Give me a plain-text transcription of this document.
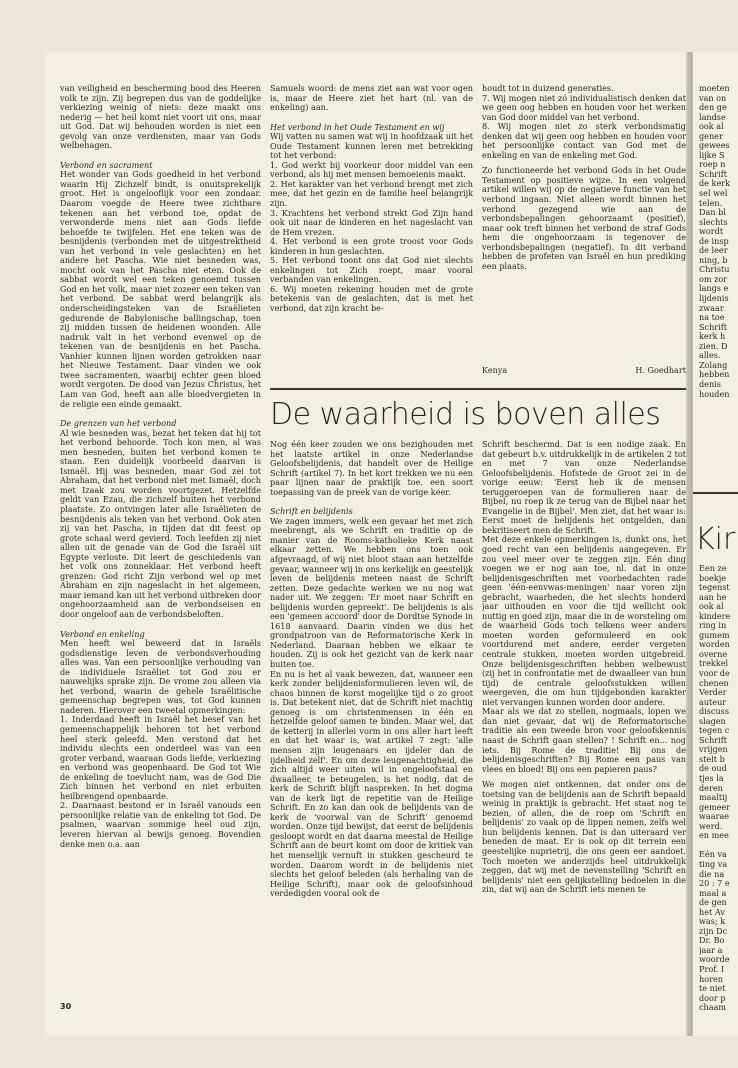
van veiligheid en bescherming bood des Heeren volk te zijn. Zij begrepen dus van de goddelijke verkiezing weinig of niets: deze maakt ons nederig — het heil komt niet voort uit ons, maar uit God. Dat wij behouden worden is niet een gevolg van onze verdiensten, maar van Gods welbehagen.

Verbond en sacrament

Het wonder van Gods goedheid in het verbond waarin Hij Zichzelf bindt, is onuitsprekelijk groot. Het is ongelooflijk voor een zondaar. Daarom voegde de Heere twee zichtbare tekenen aan het verbond toe, opdat de verwonderde mens niet aan Gods liefde behoefde te twijfelen. Het ene teken was de besnijdenis (verbonden met de uitgestrektheid van het verbond in vele geslachten) en het andere het Pascha. Wie niet besneden was, mocht ook van het Pascha niet eten. Ook de sabbat wordt wel een teken genoemd tussen God en het volk, maar niet zozeer een teken van het verbond. De sabbat werd belangrijk als onderscheidingsteken van de Israëlieten gedurende de Babylonische ballingschap, toen zij midden tussen de heidenen woonden. Alle nadruk valt in het verbond evenwel op de tekenen van de besnijdenis en het Pascha. Vanhier kunnen lijnen worden getrokken naar het Nieuwe Testament. Daar vinden we ook twee sacramenten, waarbij echter geen bloed wordt vergoten. De dood van Jezus Christus, het Lam van God, heeft aan alle bloedvergieten in de religie een einde gemaakt.

De grenzen van het verbond

Al wie besneden was, bezat het teken dat hij tot het verbond behoorde. Toch kon men, al was men besneden, buiten het verbond komen te staan. Een duidelijk voorbeeld daarvan is Ismaël. Hij was besneden, maar God zei tot Abraham, dat het verbond niet met Ismaël, doch met Izaak zou worden voortgezet. Hetzelfde geldt van Ezau, die zichzelf buiten het verbond plaatste. Zo ontvingen later alle Israëlieten de besnijdenis als teken van het verbond. Ook aten zij van het Pascha, in tijden dat dit feest op grote schaal werd gevierd. Toch leefden zij niet allen uit de genade van de God die Israël uit Egypte verloste. Dit leert de geschiedenis van het volk ons zonneklaar. Het verbond heeft grenzen: God richt Zijn verbond wel op met Abraham en zijn nageslacht in het algemeen, maar iemand kan uit het verbond uitbreken door ongehoorzaamheid aan de verbondseisen en door ongeloof aan de verbondsbeloften.

Verbond en enkeling

Men heeft wel beweerd dat in Israëls godsdienstige leven de verbondsverhouding alles was. Van een persoonlijke verhouding van de individuele Israëliet tot God zou er nauwelijks sprake zijn. De vrome zou alleen via het verbond, waarin de gehele Israëlitische gemeenschap begrepen was, tot God kunnen naderen. Hierover een tweetal opmerkingen:

1. Inderdaad heeft in Israël het besef van het gemeenschappelijk behoren tot het verbond heel sterk geleefd. Men verstond dat het individu slechts een onderdeel was van een groter verband, waaraan Gods liefde, verkiezing en verbond was geopenbaard. De God tot Wie de enkeling de toevlucht nam, was de God Die Zich binnen het verbond en niet erbuiten heilbrengend openbaarde.

2. Daarnaast bestond er in Israël vanouds een persoonlijke relatie van de enkeling tot God. De psalmen, waarvan sommige heel oud zijn, leveren hiervan al bewijs genoeg. Bovendien denke men o.a. aan

Samuels woord: de mens ziet aan wat voor ogen is, maar de Heere ziet het hart (nl. van de enkeling) aan.

Het verbond in het Oude Testament en wij

Wij vatten nu samen wat wij in hoofdzaak uit het Oude Testament kunnen leren met betrekking tot het verbond:

1. God werkt bij voorkeur door middel van een verbond, als hij met mensen bemoeienis maakt.

2. Het karakter van het verbond brengt met zich mee, dat het gezin en de familie heel belangrijk zijn.

3. Krachtens het verbond strekt God Zijn hand ook uit naar de kinderen en het nageslacht van de Hem vrezen.

4. Het verbond is een grote troost voor Gods kinderen in hun geslachten.

5. Het verbond toont ons dat God niet slechts enkelingen tot Zich roept, maar vooral verbanden van enkelingen.

6. Wij moeten rekening houden met de grote betekenis van de geslachten, dat is met het verbond, dat zijn kracht be-

houdt tot in duizend generaties.

7. Wij mogen niet zó individualistisch denken dat we geen oog hebben en houden voor het werken van God door middel van het verbond.

8. Wij mogen niet zo sterk verbondsmatig denken dat wij geen oog hebben en houden voor het persoonlijke contact van God met de enkeling en van de enkeling met God.

Zo functioneerde het verbond Gods in het Oude Testament op positieve wijze. In een volgend artikel willen wij op de negatieve functie van het verbond ingaan. Niet alleen wordt binnen het verbond gezegend wie aan de verbondsbepalingen gehoorzaamt (positief), maar ook treft binnen het verbond de straf Gods hem die ongehoorzaam is tegenover de verbondsbepalingen (negatief). In dit verband hebben de profeten van Israël en hun prediking een plaats.

Kenya	H. Goedhart
De waarheid is boven alles

Nog één keer zouden we ons bezighouden met het laatste artikel in onze Nederlandse Geloofsbelijdenis, dat handelt over de Heilige Schrift (artikel 7). In het kort trekken we nu een paar lijnen naar de praktijk toe, een soort toepassing van de preek van de vorige keer.

Schrift en belijdenis

We zagen immers, welk een gevaar het met zich meebrengt, als we Schrift en traditie op de manier van de Rooms-katholieke Kerk naast elkaar zetten. We hebben ons toen ook afgevraagd, of wij niet bloot staan aan hetzelfde gevaar, wanneer wij in ons kerkelijk en geestelijk leven de belijdenis meteen naast de Schrift zetten. Deze gedachte werken we nu nog wat nader uit. We zeggen: 'Er moet naar Schrift en belijdenis worden gepreekt'. De belijdenis is als een 'gemeen accoord' door de Dordtse Synode in 1618 aanvaard. Daarin vinden we dus het grondpatroon van de Reformatorische Kerk in Nederland. Daaraan hebben we elkaar te houden. Zij is ook het gezicht van de kerk naar buiten toe.

En nu is het al vaak bewezen, dat, wanneer een kerk zonder belijdenisformulieren leven wil, de chaos binnen de korst mogelijke tijd o zo groot is. Dat betekent niet, dat de Schrift niet machtig genoeg is om christenmensen in één en hetzelfde geloof samen te binden. Maar wel, dat de ketterij in allerlei vorm in ons aller hart leeft en dat het waar is, wat artikel 7 zegt: 'alle mensen zijn leugenaars en ijdeler dan de ijdelheid zelf'. En om deze leugenachtigheid, die zich altijd weer uiten wil in ongeloofstaal en dwaalleer, te beteugelen, is het nodig, dat de kerk de Schrift blijft naspreken. In het dogma van de kerk ligt de repetitie van de Heilige Schrift. En zo kan dan ook de belijdenis van de kerk de 'voorwal van de Schrift' genoemd worden. Onze tijd bewijst, dat eerst de belijdenis gesloopt wordt en dat daarna meestal de Heilige Schrift aan de beurt komt om door de kritiek van het menselijk vernuft in stukken gescheurd te worden. Daarom wordt in de belijdenis niet slechts het geloof beleden (als herhaling van de Heilige Schrift), maar ook de geloofsinhoud verdedigden vooral ook de

Schrift beschermd. Dat is een nodige zaak. En dat gebeurt b.v. uitdrukkelijk in de artikelen 2 tot en met 7 van onze Nederlandse Geloofsbelijdenis. Hofstede de Groot zei in de vorige eeuw: 'Eerst heb ik de mensen teruggeroepen van de formulieren naar de Bijbel, nu roep ik ze terug van de Bijbel naar het Evangelie in de Bijbel'. Men ziet, dat het waar is: Eerst moet de belijdenis het ontgelden, dan bekritiseert men de Schrift.

Met deze enkele opmerkingen is, dunkt ons, het goed recht van een belijdenis aangegeven. Er zou veel meer over te zeggen zijn. Eén ding voegen we er nog aan toe, nl. dat in onze belijdenisgeschriften met voorbedachten rade geen 'één-eenvwas-meningen' naar voren zijn gebracht, waarheden, die het slechts honderd jaar uithouden en voor die tijd wellicht ook nuttig en goed zijn, maar die in de worsteling om de waarheid Gods toch telkens weer anders moeten worden geformuleerd en ook voortdurend met andere, eerder vergeten centrale stukken, moeten worden uitgebreid. Onze belijdenisgeschriften hebben welbewust (zij het in confrontatie met de dwaalleer van hun tijd) de centrale geloofsstukken willen weergeven, die om hun tijdgebonden karakter niet vervangen kunnen worden door andere.

Maar als we dat zo stellen, nogmaals, lopen we dan niet gevaar, dat wij de Reformatorische traditie als een tweede bron voor geloofskennis naast de Schrift gaan stellen? ! Schrift en... nog iets. Bij Rome de traditie! Bij ons de belijdenisgeschriften? Bij Rome een paus van vlees en bloed! Bij ons een papieren paus?

We mogen niet ontkennen, dat onder ons de toetsing van de belijdenis aan de Schrift bepaald weinig in praktijk is gebracht. Het staat nog te bezien, of allen, die de roep om 'Schrift en belijdenis' zo vaak op de lippen nemen, zelfs wel hun belijdenis kennen. Dat is dan uiteraard ver beneden de maat. Er is ook op dit terrein een geestelijke nuprietrij, die ons geen eer aandoet. Toch moeten we anderzijds heel uitdrukkelijk zeggen, dat wij met de nevenstelling 'Schrift en belijdenis' niet een gelijkstelling bedoelen in die zin, dat wij aan de Schrift iets menen te

30

moeten

van on

den ge

landse

ook al

gener

gewees

lijke S

roep n

Schrift

de kerk

sel wel

telen.

Dan bl

slechts

wordt

de insp

de leer

ning, b

Christu

om zor

langs e

lijdenis

zwaar

na toe

Schrift

kerk h

zien. D

alles.

Zolang

hebben

denis

houden

Kir

Een ze

boekje

tegenst

aan he

ook al

kindere

ring in

gumem

worden

overne

trekkel

voor de

chenen

Verder

auteur

discuss

slagen

tegen c

Schrift

vrijgen

stelt b

de oud

tjes la

deren

maaltij

gemeer

waarae

werd.

en mee

Eén va

ting va

die na

20 : 7 e

maal a

de gen

het Av

was; k

zijn Dc

Dr. Bo

jaar a

woorde

Prof. I

horen

te niet

door p

chaam
